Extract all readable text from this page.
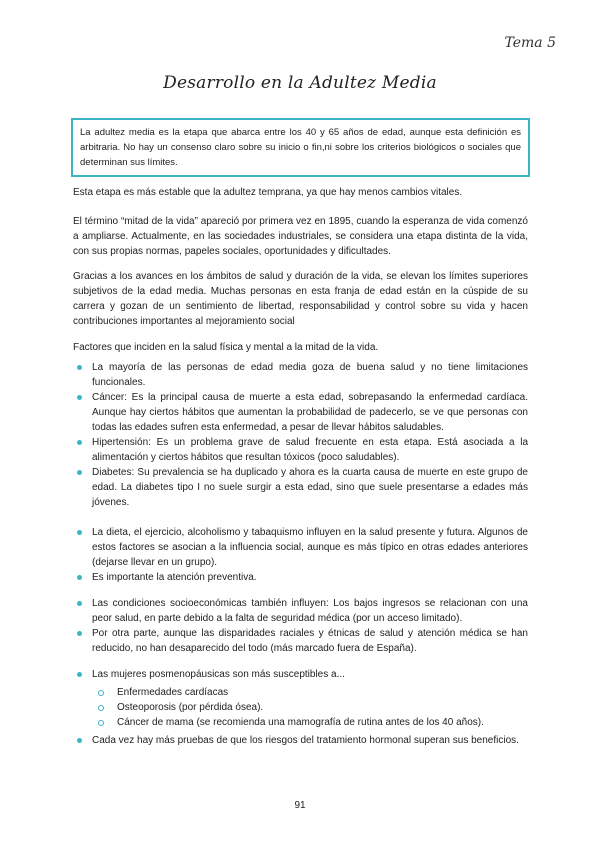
Tema 5
Desarrollo en la Adultez Media
La adultez media es la etapa que abarca entre los 40 y 65 años de edad, aunque esta definición es arbitraria. No hay un consenso claro sobre su inicio o fin,ni sobre los criterios biológicos o sociales que determinan sus límites.
Esta etapa es más estable que la adultez temprana, ya que hay menos cambios vitales.
El término “mitad de la vida” apareció por primera vez en 1895, cuando la esperanza de vida comenzó a ampliarse. Actualmente, en las sociedades industriales, se considera una etapa distinta de la vida, con sus propias normas, papeles sociales, oportunidades y dificultades.
Gracias a los avances en los ámbitos de salud y duración de la vida, se elevan los límites superiores subjetivos de la edad media. Muchas personas en esta franja de edad están en la cúspide de su carrera y gozan de un sentimiento de libertad, responsabilidad y control sobre su vida y hacen contribuciones importantes al mejoramiento social
Factores que inciden en la salud física y mental a la mitad de la vida.
La mayoría de las personas de edad media goza de buena salud y no tiene limitaciones funcionales.
Cáncer: Es la principal causa de muerte a esta edad, sobrepasando la enfermedad cardíaca. Aunque hay ciertos hábitos que aumentan la probabilidad de padecerlo, se ve que personas con todas las edades sufren esta enfermedad, a pesar de llevar hábitos saludables.
Hipertensión: Es un problema grave de salud frecuente en esta etapa. Está asociada a la alimentación y ciertos hábitos que resultan tóxicos (poco saludables).
Diabetes: Su prevalencia se ha duplicado y ahora es la cuarta causa de muerte en este grupo de edad. La diabetes tipo I no suele surgir a esta edad, sino que suele presentarse a edades más jóvenes.
La dieta, el ejercicio, alcoholismo y tabaquismo influyen en la salud presente y futura. Algunos de estos factores se asocian a la influencia social, aunque es más típico en otras edades anteriores (dejarse llevar en un grupo).
Es importante la atención preventiva.
Las condiciones socioeconómicas también influyen: Los bajos ingresos se relacionan con una peor salud, en parte debido a la falta de seguridad médica (por un acceso limitado).
Por otra parte, aunque las disparidades raciales y étnicas de salud y atención médica se han reducido, no han desaparecido del todo (más marcado fuera de España).
Las mujeres posmenopáusicas son más susceptibles a...
Enfermedades cardíacas
Osteoporosis (por pérdida ósea).
Cáncer de mama (se recomienda una mamografía de rutina antes de los 40 años).
Cada vez hay más pruebas de que los riesgos del tratamiento hormonal superan sus beneficios.
91
